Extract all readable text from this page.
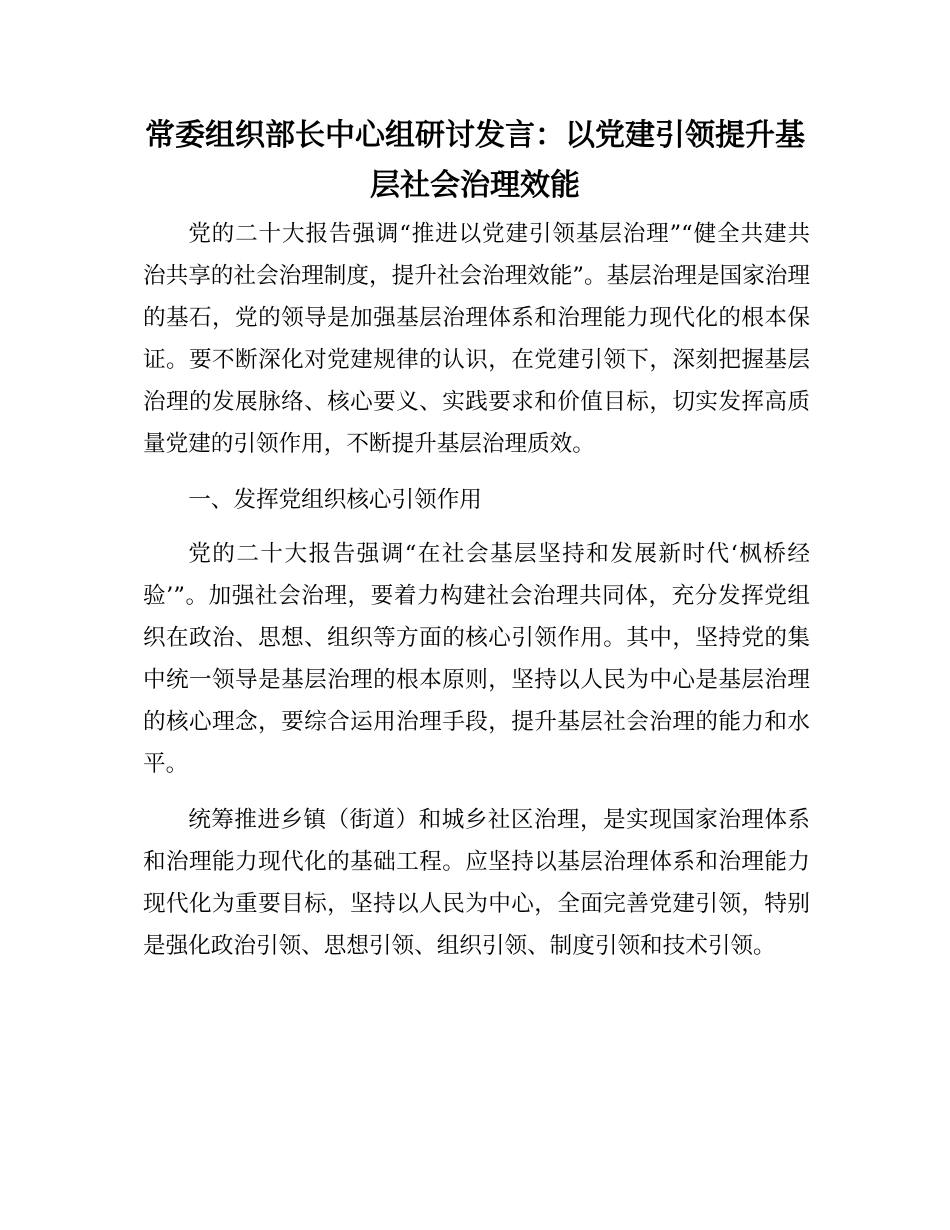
常委组织部长中心组研讨发言：以党建引领提升基层社会治理效能

党的二十大报告强调“推进以党建引领基层治理”“健全共建共治共享的社会治理制度，提升社会治理效能”。基层治理是国家治理的基石，党的领导是加强基层治理体系和治理能力现代化的根本保证。要不断深化对党建规律的认识，在党建引领下，深刻把握基层治理的发展脉络、核心要义、实践要求和价值目标，切实发挥高质量党建的引领作用，不断提升基层治理质效。

一、发挥党组织核心引领作用

党的二十大报告强调“在社会基层坚持和发展新时代‘枫桥经验’”。加强社会治理，要着力构建社会治理共同体，充分发挥党组织在政治、思想、组织等方面的核心引领作用。其中，坚持党的集中统一领导是基层治理的根本原则，坚持以人民为中心是基层治理的核心理念，要综合运用治理手段，提升基层社会治理的能力和水平。

统筹推进乡镇（街道）和城乡社区治理，是实现国家治理体系和治理能力现代化的基础工程。应坚持以基层治理体系和治理能力现代化为重要目标，坚持以人民为中心，全面完善党建引领，特别是强化政治引领、思想引领、组织引领、制度引领和技术引领。
